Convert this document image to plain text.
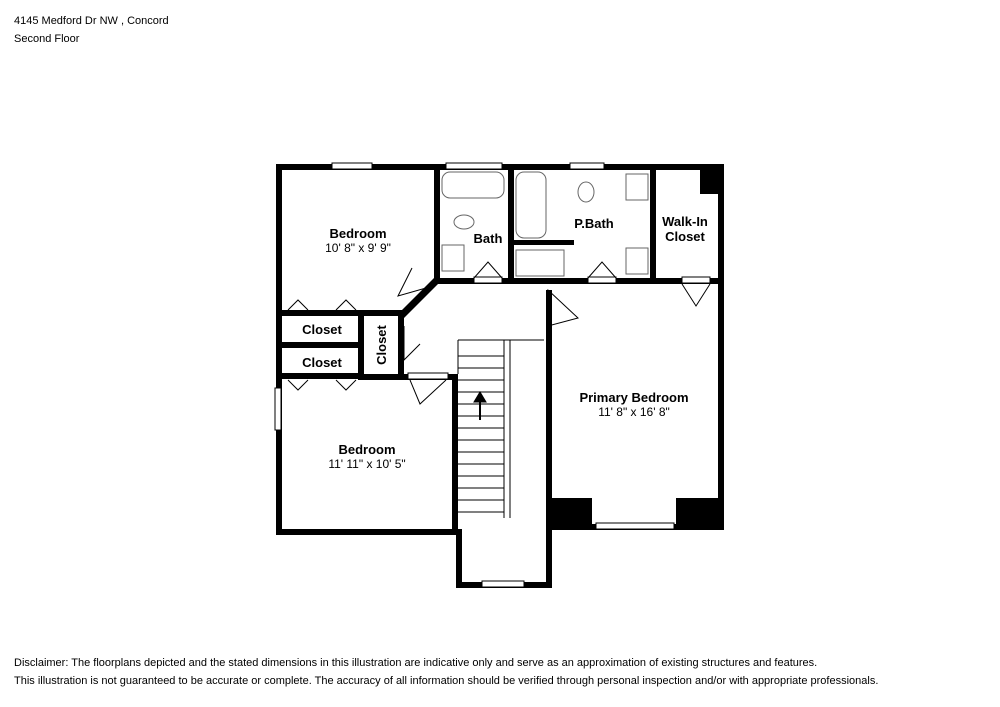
4145 Medford Dr NW , Concord
Second Floor
Bedroom
10' 8" x 9' 9"
Bath
P.Bath	Walk-In
Closet
Closet
Closet Closet
Bedroom
11' 11" x 10' 5"
Primary Bedroom
11' 8" x 16' 8"
Disclaimer: The floorplans depicted and the stated dimensions in this illustration are indicative only and serve as an approximation of existing structures and features.
This illustration is not guaranteed to be accurate or complete. The accuracy of all information should be verified through personal inspection and/or with appropriate professionals.
